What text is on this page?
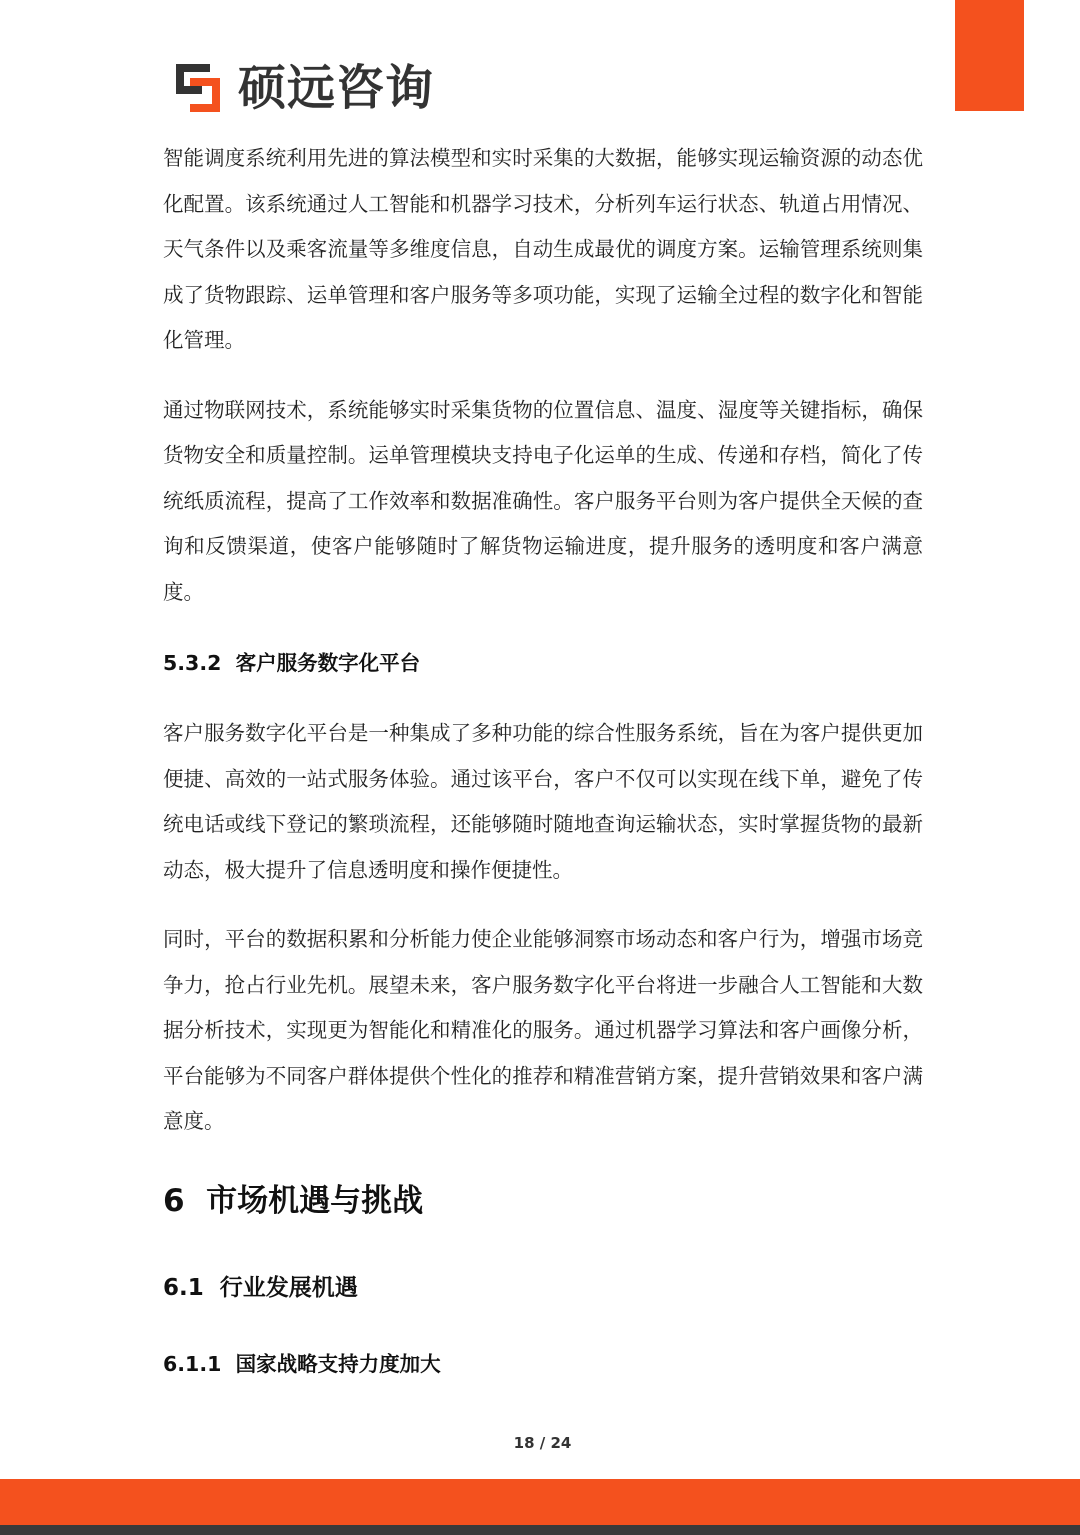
硕远咨询

智能调度系统利用先进的算法模型和实时采集的大数据，能够实现运输资源的动态优化配置。该系统通过人工智能和机器学习技术，分析列车运行状态、轨道占用情况、天气条件以及乘客流量等多维度信息，自动生成最优的调度方案。运输管理系统则集成了货物跟踪、运单管理和客户服务等多项功能，实现了运输全过程的数字化和智能化管理。

通过物联网技术，系统能够实时采集货物的位置信息、温度、湿度等关键指标，确保货物安全和质量控制。运单管理模块支持电子化运单的生成、传递和存档，简化了传统纸质流程，提高了工作效率和数据准确性。客户服务平台则为客户提供全天候的查询和反馈渠道，使客户能够随时了解货物运输进度，提升服务的透明度和客户满意度。

5.3.2  客户服务数字化平台

客户服务数字化平台是一种集成了多种功能的综合性服务系统，旨在为客户提供更加便捷、高效的一站式服务体验。通过该平台，客户不仅可以实现在线下单，避免了传统电话或线下登记的繁琐流程，还能够随时随地查询运输状态，实时掌握货物的最新动态，极大提升了信息透明度和操作便捷性。

同时，平台的数据积累和分析能力使企业能够洞察市场动态和客户行为，增强市场竞争力，抢占行业先机。展望未来，客户服务数字化平台将进一步融合人工智能和大数据分析技术，实现更为智能化和精准化的服务。通过机器学习算法和客户画像分析，平台能够为不同客户群体提供个性化的推荐和精准营销方案，提升营销效果和客户满意度。

6  市场机遇与挑战

6.1  行业发展机遇

6.1.1  国家战略支持力度加大

18 / 24
